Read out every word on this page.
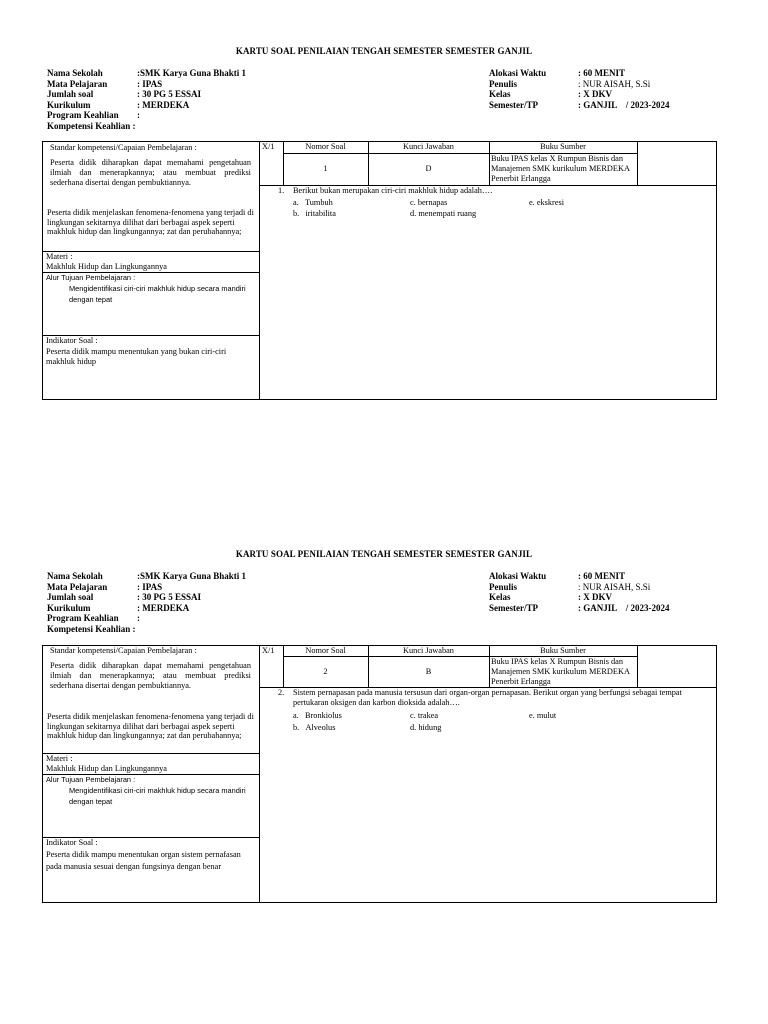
KARTU SOAL PENILAIAN TENGAH SEMESTER SEMESTER GANJIL
Nama Sekolah	:SMK Karya Guna Bhakti 1
Mata Pelajaran	: IPAS
Jumlah soal	: 30 PG 5 ESSAI
Kurikulum	: MERDEKA
Program Keahlian :
Kompetensi Keahlian :
Alokasi Waktu	: 60 MENIT
Penulis	: NUR AISAH, S.Si
Kelas	: X DKV
Semester/TP	: GANJIL    / 2023-2024
Standar kompetensi/Capaian Pembelajaran :
Peserta didik diharapkan dapat memahami pengetahuan ilmiah dan menerapkannya; atau membuat prediksi sederhana disertai dengan pembuktiannya.
Peserta didik menjelaskan fenomena-fenomena yang terjadi di lingkungan sekitarnya dilihat dari berbagai aspek seperti makhluk hidup dan lingkungannya; zat dan perubahannya;
Materi :
Makhluk Hidup dan Lingkungannya
Alur Tujuan Pembelajaran :
Mengidentifikasi ciri-ciri makhluk hidup secara mandiri dengan tepat
Indikator Soal :
Peserta didik mampu menentukan yang bukan ciri-ciri makhluk hidup
X/1	Nomor Soal	Kunci Jawaban	Buku Sumber
1	D
Buku IPAS kelas X Rumpun Bisnis dan Manajemen SMK kurikulum MERDEKA Penerbit Erlangga
1.	Berikut bukan merupakan ciri-ciri makhluk hidup adalah….
a. Tumbuh
b. iritabilita
c. bernapas
d. menempati ruang
e. ekskresi
KARTU SOAL PENILAIAN TENGAH SEMESTER SEMESTER GANJIL
Nama Sekolah	:SMK Karya Guna Bhakti 1
Mata Pelajaran	: IPAS
Jumlah soal	: 30 PG 5 ESSAI
Kurikulum	: MERDEKA
Program Keahlian :
Kompetensi Keahlian :
Alokasi Waktu	: 60 MENIT
Penulis	: NUR AISAH, S.Si
Kelas	: X DKV
Semester/TP	: GANJIL    / 2023-2024
Standar kompetensi/Capaian Pembelajaran :
Peserta didik diharapkan dapat memahami pengetahuan ilmiah dan menerapkannya; atau membuat prediksi sederhana disertai dengan pembuktiannya.
Peserta didik menjelaskan fenomena-fenomena yang terjadi di lingkungan sekitarnya dilihat dari berbagai aspek seperti makhluk hidup dan lingkungannya; zat dan perubahannya;
Materi :
Makhluk Hidup dan Lingkungannya
Alur Tujuan Pembelajaran :
Mengidentifikasi ciri-ciri makhluk hidup secara mandiri dengan tepat
Indikator Soal :
Peserta didik mampu menentukan organ sistem pernafasan pada manusia sesuai dengan fungsinya dengan benar
X/1	Nomor Soal	Kunci Jawaban	Buku Sumber
2	B
Buku IPAS kelas X Rumpun Bisnis dan Manajemen SMK kurikulum MERDEKA Penerbit Erlangga
2.	Sistem pernapasan pada manusia tersusun dari organ-organ pernapasan. Berikut organ yang berfungsi sebagai tempat pertukaran oksigen dan karbon dioksida adalah….
a. Bronkiolus
b. Alveolus
c. trakea
d. hidung
e. mulut
